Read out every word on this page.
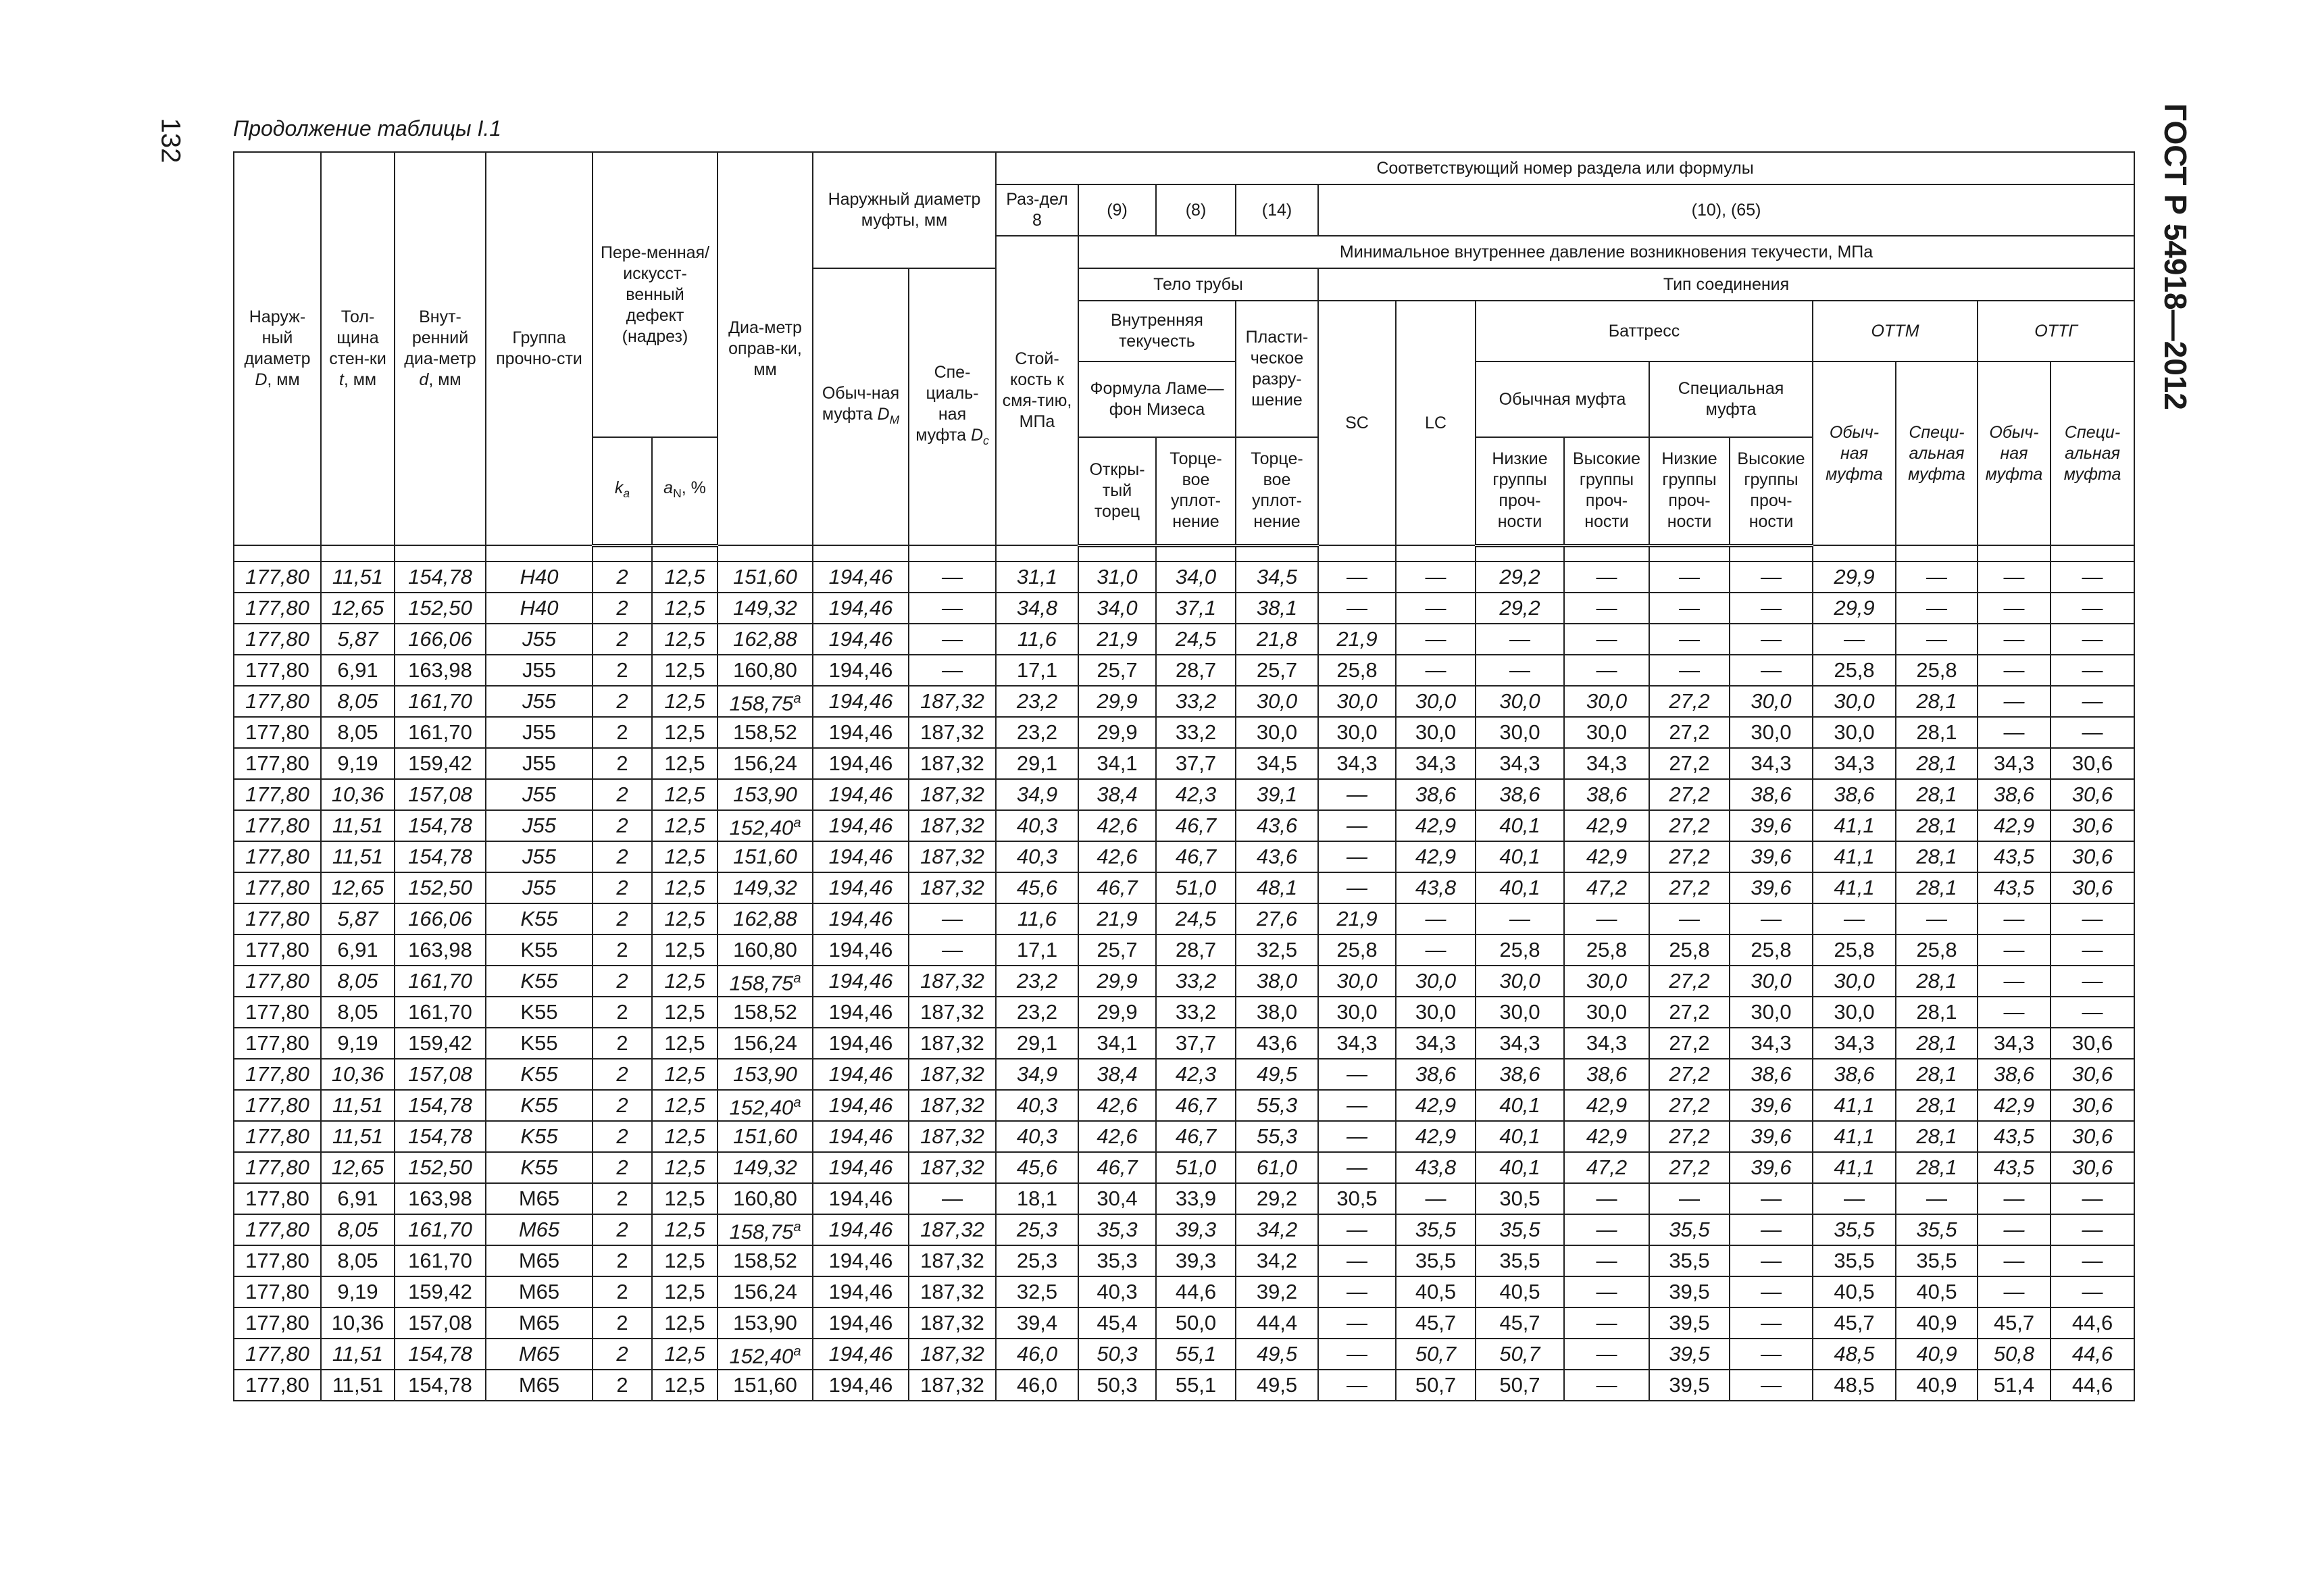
132	ГОСТ Р 54918—2012
Продолжение таблицы I.1
Наруж-ный диаметр D, мм	Тол-щина стен-ки t, мм	Внут-ренний диа-метр d, мм	Группа прочно-сти	Пере-менная/ искусст-венный дефект (надрез)		Диа-метр оправ-ки, мм	Наружный диаметр муфты, мм		Соответствующий номер раздела или формулы													
									Раз-дел 8	(9)	(8)	(14)	(10), (65)									
									Стой-кость к смя-тию, МПа	Минимальное внутреннее давление возникновения текучести, МПа												
							Обыч-ная муфта $D_M$	Спе-циаль-ная муфта $D_c$		Тело трубы			Тип соединения									
										Внутренняя текучесть		Пласти-ческое разру-шение	SC	LC	Баттресс				ОТТМ		ОТТГ	
										Формула Ламе—фон Мизеса					Обычная муфта		Специальная муфта		Обыч-ная муфта	Специ-альная муфта	Обыч-ная муфта	Специ-альная муфта
				$k_a$	$a_N$, %					Откры-тый торец	Торце-вое уплот-нение	Торце-вое уплот-нение			Низкие группы проч-ности	Высокие группы проч-ности	Низкие группы проч-ности	Высокие группы проч-ности				

177,80	11,51	154,78	H40	2	12,5	151,60	194,46	—	31,1	31,0	34,0	34,5	—	—	29,2	—	—	—	29,9	—	—	—
177,80	12,65	152,50	H40	2	12,5	149,32	194,46	—	34,8	34,0	37,1	38,1	—	—	29,2	—	—	—	29,9	—	—	—
177,80	5,87	166,06	J55	2	12,5	162,88	194,46	—	11,6	21,9	24,5	21,8	21,9	—	—	—	—	—	—	—	—	—
177,80	6,91	163,98	J55	2	12,5	160,80	194,46	—	17,1	25,7	28,7	25,7	25,8	—	—	—	—	—	25,8	25,8	—	—
177,80	8,05	161,70	J55	2	12,5	158,75$^a$	194,46	187,32	23,2	29,9	33,2	30,0	30,0	30,0	30,0	30,0	27,2	30,0	30,0	28,1	—	—
177,80	8,05	161,70	J55	2	12,5	158,52	194,46	187,32	23,2	29,9	33,2	30,0	30,0	30,0	30,0	30,0	27,2	30,0	30,0	28,1	—	—
177,80	9,19	159,42	J55	2	12,5	156,24	194,46	187,32	29,1	34,1	37,7	34,5	34,3	34,3	34,3	34,3	27,2	34,3	34,3	28,1	34,3	30,6
177,80	10,36	157,08	J55	2	12,5	153,90	194,46	187,32	34,9	38,4	42,3	39,1	—	38,6	38,6	38,6	27,2	38,6	38,6	28,1	38,6	30,6
177,80	11,51	154,78	J55	2	12,5	152,40$^a$	194,46	187,32	40,3	42,6	46,7	43,6	—	42,9	40,1	42,9	27,2	39,6	41,1	28,1	42,9	30,6
177,80	11,51	154,78	J55	2	12,5	151,60	194,46	187,32	40,3	42,6	46,7	43,6	—	42,9	40,1	42,9	27,2	39,6	41,1	28,1	43,5	30,6
177,80	12,65	152,50	J55	2	12,5	149,32	194,46	187,32	45,6	46,7	51,0	48,1	—	43,8	40,1	47,2	27,2	39,6	41,1	28,1	43,5	30,6
177,80	5,87	166,06	K55	2	12,5	162,88	194,46	—	11,6	21,9	24,5	27,6	21,9	—	—	—	—	—	—	—	—	—
177,80	6,91	163,98	K55	2	12,5	160,80	194,46	—	17,1	25,7	28,7	32,5	25,8	—	25,8	25,8	25,8	25,8	25,8	25,8	—	—
177,80	8,05	161,70	K55	2	12,5	158,75$^a$	194,46	187,32	23,2	29,9	33,2	38,0	30,0	30,0	30,0	30,0	27,2	30,0	30,0	28,1	—	—
177,80	8,05	161,70	K55	2	12,5	158,52	194,46	187,32	23,2	29,9	33,2	38,0	30,0	30,0	30,0	30,0	27,2	30,0	30,0	28,1	—	—
177,80	9,19	159,42	K55	2	12,5	156,24	194,46	187,32	29,1	34,1	37,7	43,6	34,3	34,3	34,3	34,3	27,2	34,3	34,3	28,1	34,3	30,6
177,80	10,36	157,08	K55	2	12,5	153,90	194,46	187,32	34,9	38,4	42,3	49,5	—	38,6	38,6	38,6	27,2	38,6	38,6	28,1	38,6	30,6
177,80	11,51	154,78	K55	2	12,5	152,40$^a$	194,46	187,32	40,3	42,6	46,7	55,3	—	42,9	40,1	42,9	27,2	39,6	41,1	28,1	42,9	30,6
177,80	11,51	154,78	K55	2	12,5	151,60	194,46	187,32	40,3	42,6	46,7	55,3	—	42,9	40,1	42,9	27,2	39,6	41,1	28,1	43,5	30,6
177,80	12,65	152,50	K55	2	12,5	149,32	194,46	187,32	45,6	46,7	51,0	61,0	—	43,8	40,1	47,2	27,2	39,6	41,1	28,1	43,5	30,6
177,80	6,91	163,98	M65	2	12,5	160,80	194,46	—	18,1	30,4	33,9	29,2	30,5	—	30,5	—	—	—	—	—	—	—
177,80	8,05	161,70	M65	2	12,5	158,75$^a$	194,46	187,32	25,3	35,3	39,3	34,2	—	35,5	35,5	—	35,5	—	35,5	35,5	—	—
177,80	8,05	161,70	M65	2	12,5	158,52	194,46	187,32	25,3	35,3	39,3	34,2	—	35,5	35,5	—	35,5	—	35,5	35,5	—	—
177,80	9,19	159,42	M65	2	12,5	156,24	194,46	187,32	32,5	40,3	44,6	39,2	—	40,5	40,5	—	39,5	—	40,5	40,5	—	—
177,80	10,36	157,08	M65	2	12,5	153,90	194,46	187,32	39,4	45,4	50,0	44,4	—	45,7	45,7	—	39,5	—	45,7	40,9	45,7	44,6
177,80	11,51	154,78	M65	2	12,5	152,40$^a$	194,46	187,32	46,0	50,3	55,1	49,5	—	50,7	50,7	—	39,5	—	48,5	40,9	50,8	44,6
177,80	11,51	154,78	M65	2	12,5	151,60	194,46	187,32	46,0	50,3	55,1	49,5	—	50,7	50,7	—	39,5	—	48,5	40,9	51,4	44,6
